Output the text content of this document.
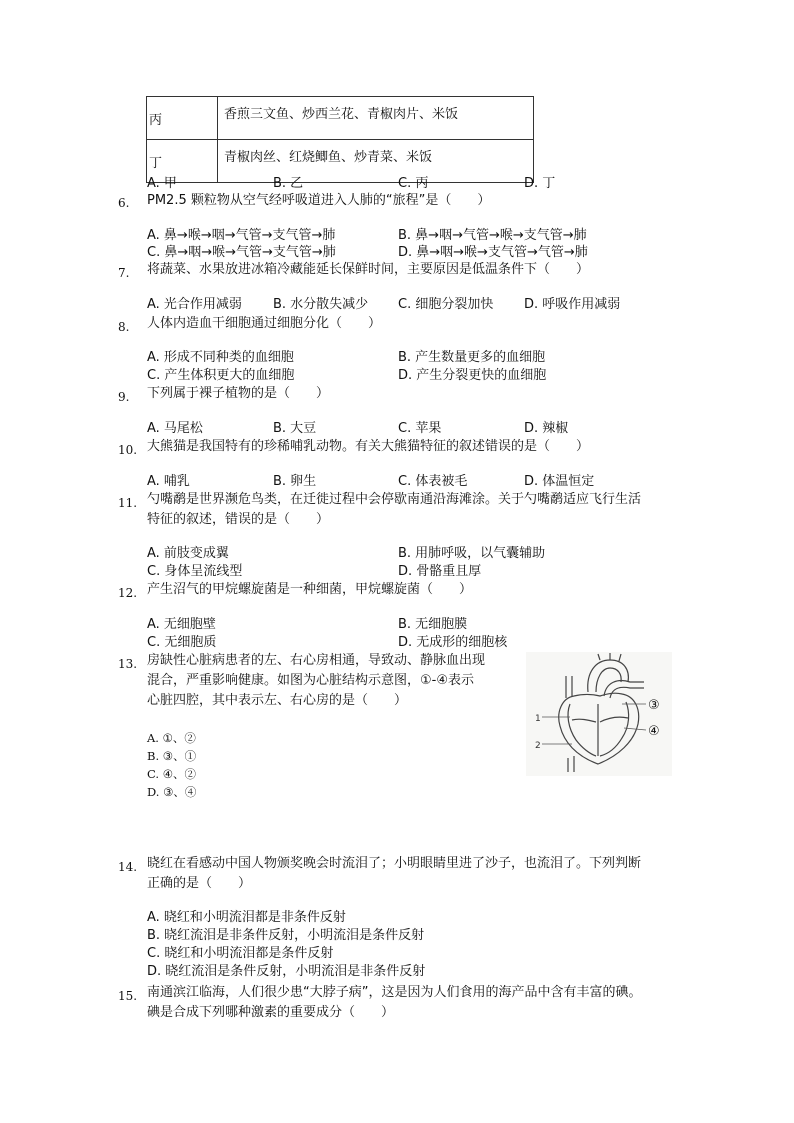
丙	香煎三文鱼、炒西兰花、青椒肉片、米饭
丁	青椒肉丝、红烧鲫鱼、炒青菜、米饭
A. 甲	B. 乙	C. 丙	D. 丁
6. PM2.5 颗粒物从空气经呼吸道进入人肺的“旅程”是（　　）
A. 鼻→喉→咽→气管→支气管→肺	B. 鼻→咽→气管→喉→支气管→肺
C. 鼻→咽→喉→气管→支气管→肺	D. 鼻→咽→喉→支气管→气管→肺
7. 将蔬菜、水果放进冰箱冷藏能延长保鲜时间，主要原因是低温条件下（　　）
A. 光合作用减弱 B. 水分散失减少 C. 细胞分裂加快 D. 呼吸作用减弱
8. 人体内造血干细胞通过细胞分化（　　）
A. 形成不同种类的血细胞	B. 产生数量更多的血细胞
C. 产生体积更大的血细胞	D. 产生分裂更快的血细胞
9. 下列属于裸子植物的是（　　）
A. 马尾松	B. 大豆	C. 苹果	D. 辣椒
10. 大熊猫是我国特有的珍稀哺乳动物。有关大熊猫特征的叙述错误的是（　　）
A. 哺乳	B. 卵生	C. 体表被毛	D. 体温恒定
11. 勺嘴鹬是世界濒危鸟类，在迁徙过程中会停歇南通沿海滩涂。关于勺嘴鹬适应飞行生活
特征的叙述，错误的是（　　）
A. 前肢变成翼	B. 用肺呼吸，以气囊辅助
C. 身体呈流线型	D. 骨骼重且厚
12. 产生沼气的甲烷螺旋菌是一种细菌，甲烷螺旋菌（　　）
A. 无细胞壁	B. 无细胞膜
C. 无细胞质	D. 无成形的细胞核
13. 房缺性心脏病患者的左、右心房相通，导致动、静脉血出现
混合，严重影响健康。如图为心脏结构示意图，①-④表示
心脏四腔，其中表示左、右心房的是（　　）
A. ①、②
B. ③、①
C. ④、②
D. ③、④
1
2
③
④
14. 晓红在看感动中国人物颁奖晚会时流泪了；小明眼睛里进了沙子，也流泪了。下列判断
正确的是（　　）
A. 晓红和小明流泪都是非条件反射
B. 晓红流泪是非条件反射，小明流泪是条件反射
C. 晓红和小明流泪都是条件反射
D. 晓红流泪是条件反射，小明流泪是非条件反射
15. 南通滨江临海，人们很少患“大脖子病”，这是因为人们食用的海产品中含有丰富的碘。
碘是合成下列哪种激素的重要成分（　　）
